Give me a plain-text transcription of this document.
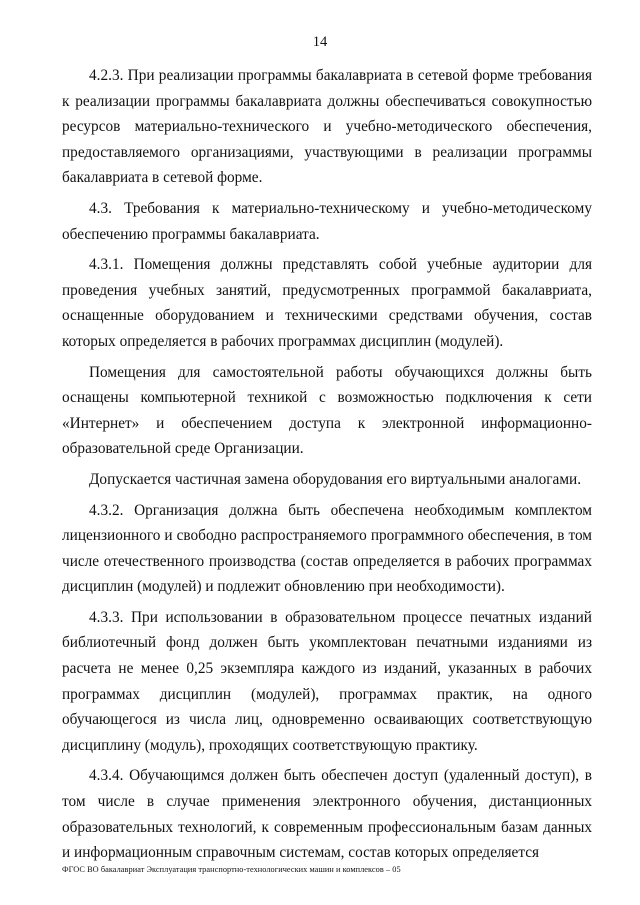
14

4.2.3. При реализации программы бакалавриата в сетевой форме требования к реализации программы бакалавриата должны обеспечиваться совокупностью ресурсов материально-технического и учебно-методического обеспечения, предоставляемого организациями, участвующими в реализации программы бакалавриата в сетевой форме.

4.3. Требования к материально-техническому и учебно-методическому обеспечению программы бакалавриата.

4.3.1. Помещения должны представлять собой учебные аудитории для проведения учебных занятий, предусмотренных программой бакалавриата, оснащенные оборудованием и техническими средствами обучения, состав которых определяется в рабочих программах дисциплин (модулей).

Помещения для самостоятельной работы обучающихся должны быть оснащены компьютерной техникой с возможностью подключения к сети «Интернет» и обеспечением доступа к электронной информационно-образовательной среде Организации.

Допускается частичная замена оборудования его виртуальными аналогами.

4.3.2. Организация должна быть обеспечена необходимым комплектом лицензионного и свободно распространяемого программного обеспечения, в том числе отечественного производства (состав определяется в рабочих программах дисциплин (модулей) и подлежит обновлению при необходимости).

4.3.3. При использовании в образовательном процессе печатных изданий библиотечный фонд должен быть укомплектован печатными изданиями из расчета не менее 0,25 экземпляра каждого из изданий, указанных в рабочих программах дисциплин (модулей), программах практик, на одного обучающегося из числа лиц, одновременно осваивающих соответствующую дисциплину (модуль), проходящих соответствующую практику.

4.3.4. Обучающимся должен быть обеспечен доступ (удаленный доступ), в том числе в случае применения электронного обучения, дистанционных образовательных технологий, к современным профессиональным базам данных и информационным справочным системам, состав которых определяется

ФГОС ВО бакалавриат Эксплуатация транспортно-технологических машин и комплексов – 05
